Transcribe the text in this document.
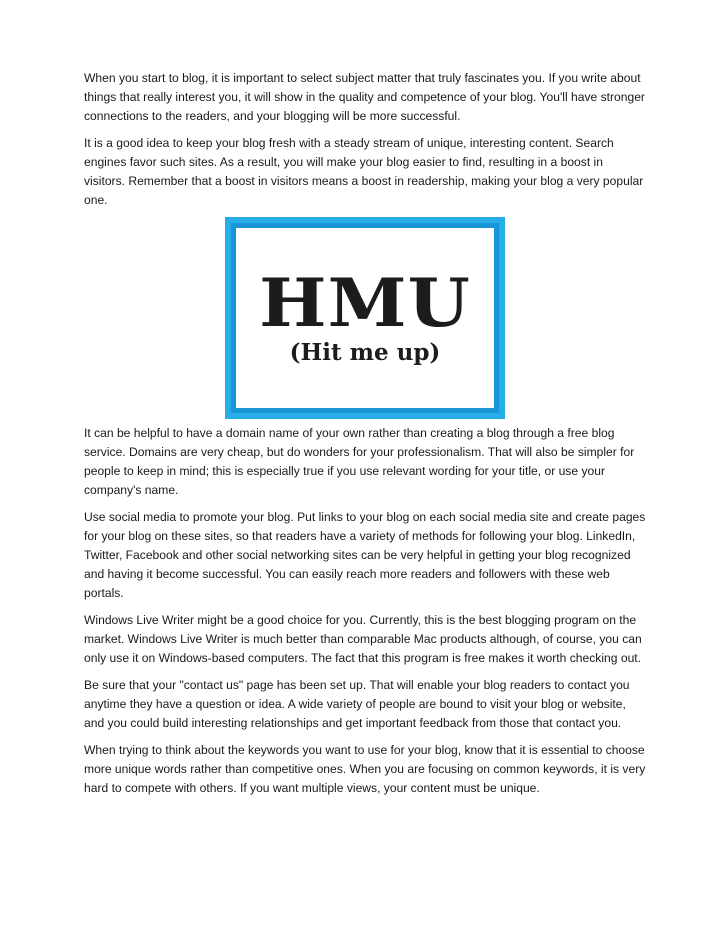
When you start to blog, it is important to select subject matter that truly fascinates you. If you write about things that really interest you, it will show in the quality and competence of your blog. You'll have stronger connections to the readers, and your blogging will be more successful.

It is a good idea to keep your blog fresh with a steady stream of unique, interesting content. Search engines favor such sites. As a result, you will make your blog easier to find, resulting in a boost in visitors. Remember that a boost in visitors means a boost in readership, making your blog a very popular one.

HMU
(Hit me up)

It can be helpful to have a domain name of your own rather than creating a blog through a free blog service. Domains are very cheap, but do wonders for your professionalism. That will also be simpler for people to keep in mind; this is especially true if you use relevant wording for your title, or use your company's name.

Use social media to promote your blog. Put links to your blog on each social media site and create pages for your blog on these sites, so that readers have a variety of methods for following your blog. LinkedIn, Twitter, Facebook and other social networking sites can be very helpful in getting your blog recognized and having it become successful. You can easily reach more readers and followers with these web portals.

Windows Live Writer might be a good choice for you. Currently, this is the best blogging program on the market. Windows Live Writer is much better than comparable Mac products although, of course, you can only use it on Windows-based computers. The fact that this program is free makes it worth checking out.

Be sure that your "contact us" page has been set up. That will enable your blog readers to contact you anytime they have a question or idea. A wide variety of people are bound to visit your blog or website, and you could build interesting relationships and get important feedback from those that contact you.

When trying to think about the keywords you want to use for your blog, know that it is essential to choose more unique words rather than competitive ones. When you are focusing on common keywords, it is very hard to compete with others. If you want multiple views, your content must be unique.
